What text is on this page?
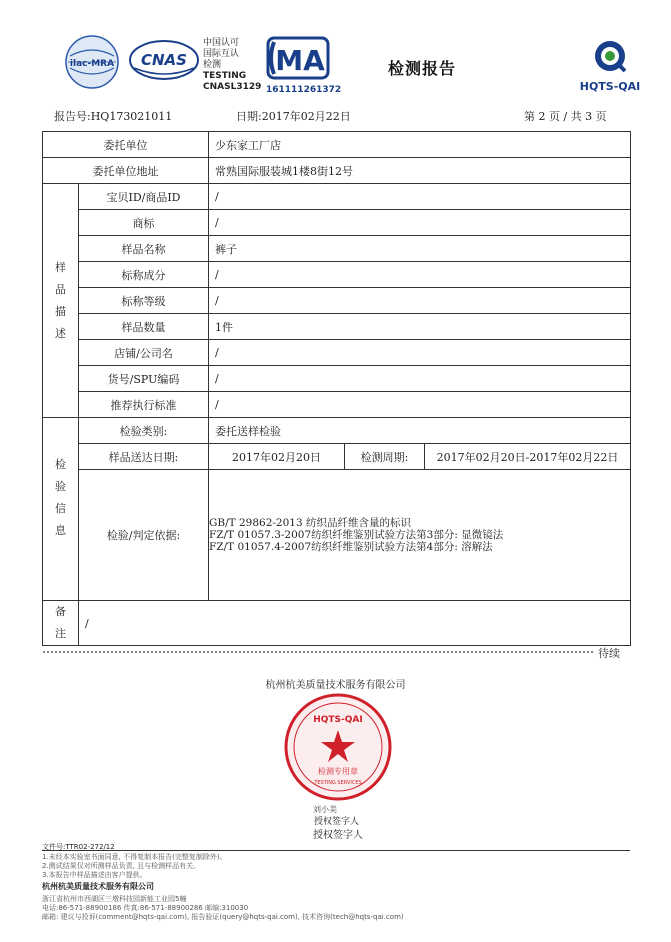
ilac-MRA CNAS
中国认可
国际互认
检测
TESTING
CNASL3129
MA
161111261372
检测报告
HQTS-QAI
报告号:HQ173021011	日期:2017年02月22日	第 2 页 / 共 3 页
委托单位		少东家工厂店		
委托单位地址		常熟国际服装城1楼8街12号		

样
品
描
述	宝贝ID/商品ID	/		
	商标	/		
	样品名称	裤子		
	标称成分	/		
	标称等级	/		
	样品数量	1件		
	店铺/公司名	/		
	货号/SPU编码	/		
	推荐执行标准	/		

检
验
信
息	检验类别:	委托送样检验		
	样品送达日期:	2017年02月20日	检测周期:	2017年02月20日-2017年02月22日
	检验/判定依据:	GB/T 29862-2013 纺织品纤维含量的标识
FZ/T 01057.3-2007纺织纤维鉴别试验方法第3部分: 显微镜法
FZ/T 01057.4-2007纺织纤维鉴别试验方法第4部分: 溶解法		

备
注	/			
待续
杭州杭美质量技术服务有限公司
HQTS-QAI
检测专用章
TESTING SERVICES
刘小美
授权签字人
授权签字人
文件号:TTR02-272/12
1.未经本实验室书面同意, 不得复制本报告(完整复制除外)。
2.测试结果仅对所测样品负责, 且与检测样品有关。
3.本报告中样品描述由客户提供。
杭州杭美质量技术服务有限公司
浙江省杭州市西湖区三墩科技园新能工业园5幢
电话:86-571-88900186 传真:86-571-88900286 邮编:310030
邮箱: 建议与投诉(comment@hqts-qai.com), 报告验证(query@hqts-qai.com), 技术咨询(tech@hqts-qai.com)
